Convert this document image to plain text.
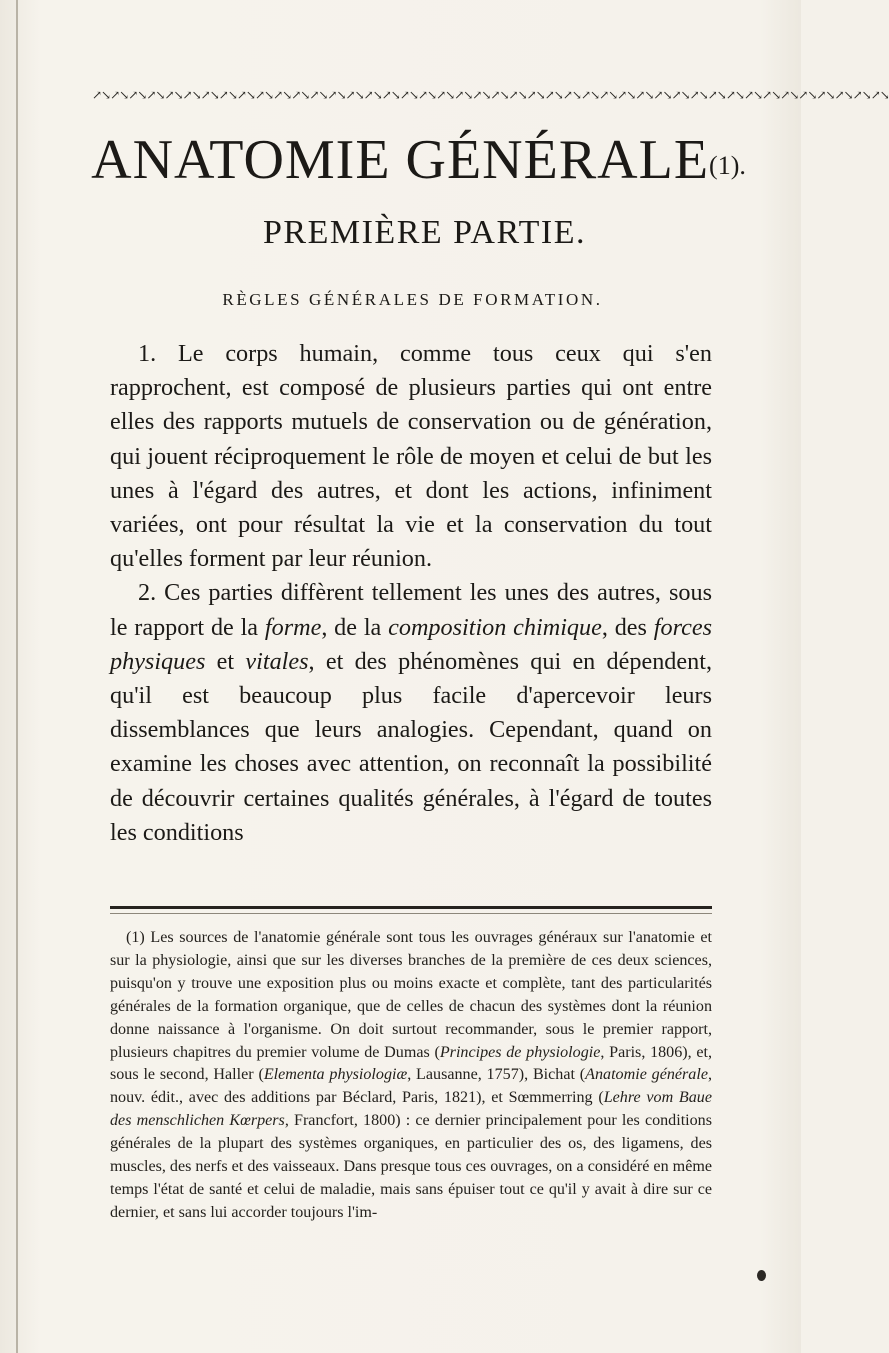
↗↘↗↘↗↘↗↘↗↘↗↘↗↘↗↘↗↘↗↘↗↘↗↘↗↘↗↘↗↘↗↘↗↘↗↘↗↘↗↘↗↘↗↘↗↘↗↘↗↘↗↘↗↘↗↘↗↘↗↘↗↘↗↘↗↘↗↘↗↘↗↘↗↘↗↘↗↘↗↘↗↘↗↘↗↘↗↘
ANATOMIE GÉNÉRALE(1).
PREMIÈRE PARTIE.
RÈGLES GÉNÉRALES DE FORMATION.

1. Le corps humain, comme tous ceux qui s'en rapprochent, est composé de plusieurs parties qui ont entre elles des rapports mutuels de conservation ou de génération, qui jouent réciproquement le rôle de moyen et celui de but les unes à l'égard des autres, et dont les actions, infiniment variées, ont pour résultat la vie et la conservation du tout qu'elles forment par leur réunion.

2. Ces parties diffèrent tellement les unes des autres, sous le rapport de la forme, de la composition chimique, des forces physiques et vitales, et des phénomènes qui en dépendent, qu'il est beaucoup plus facile d'apercevoir leurs dissemblances que leurs analogies. Cependant, quand on examine les choses avec attention, on reconnaît la possibilité de découvrir certaines qualités générales, à l'égard de toutes les conditions

(1) Les sources de l'anatomie générale sont tous les ouvrages généraux sur l'anatomie et sur la physiologie, ainsi que sur les diverses branches de la première de ces deux sciences, puisqu'on y trouve une exposition plus ou moins exacte et complète, tant des particularités générales de la formation organique, que de celles de chacun des systèmes dont la réunion donne naissance à l'organisme. On doit surtout recommander, sous le premier rapport, plusieurs chapitres du premier volume de Dumas (Principes de physiologie, Paris, 1806), et, sous le second, Haller (Elementa physiologiæ, Lausanne, 1757), Bichat (Anatomie générale, nouv. édit., avec des additions par Béclard, Paris, 1821), et Sœmmerring (Lehre vom Baue des menschlichen Kœrpers, Francfort, 1800) : ce dernier principalement pour les conditions générales de la plupart des systèmes organiques, en particulier des os, des ligamens, des muscles, des nerfs et des vaisseaux. Dans presque tous ces ouvrages, on a considéré en même temps l'état de santé et celui de maladie, mais sans épuiser tout ce qu'il y avait à dire sur ce dernier, et sans lui accorder toujours l'im-
